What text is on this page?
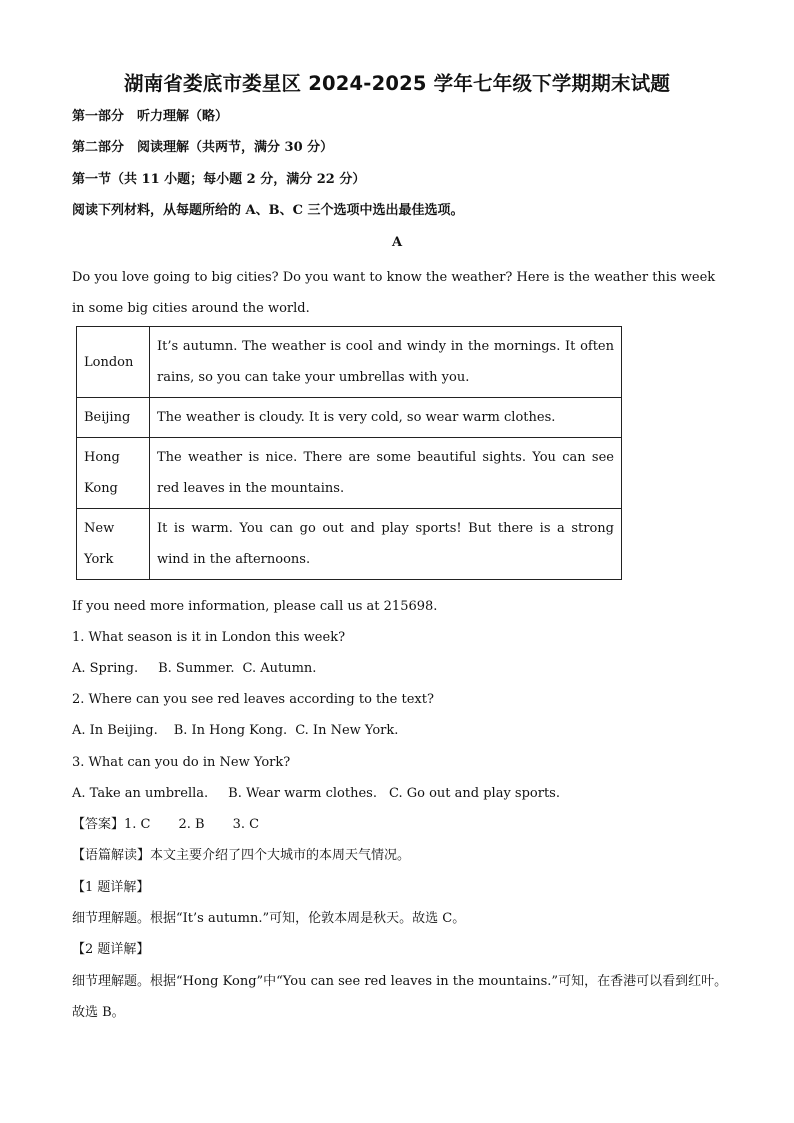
湖南省娄底市娄星区 2024-2025 学年七年级下学期期末试题
第一部分　听力理解（略）
第二部分　阅读理解（共两节，满分 30 分）
第一节（共 11 小题；每小题 2 分，满分 22 分）
阅读下列材料，从每题所给的 A、B、C 三个选项中选出最佳选项。
A
Do you love going to big cities? Do you want to know the weather? Here is the weather this week in some big cities around the world.
London	It’s autumn. The weather is cool and windy in the mornings. It often rains, so you can take your umbrellas with you.
Beijing	The weather is cloudy. It is very cold, so wear warm clothes.
Hong Kong	The weather is nice. There are some beautiful sights. You can see red leaves in the mountains.
New York	It is warm. You can go out and play sports! But there is a strong wind in the afternoons.
If you need more information, please call us at 215698.
1. What season is it in London this week?
A. Spring. B. Summer. C. Autumn.
2. Where can you see red leaves according to the text?
A. In Beijing. B. In Hong Kong. C. In New York.
3. What can you do in New York?
A. Take an umbrella. B. Wear warm clothes. C. Go out and play sports.
【答案】1. C 2. B 3. C
【语篇解读】本文主要介绍了四个大城市的本周天气情况。
【1 题详解】
细节理解题。根据“It’s autumn.”可知，伦敦本周是秋天。故选 C。
【2 题详解】
细节理解题。根据“Hong Kong”中“You can see red leaves in the mountains.”可知，在香港可以看到红叶。故选 B。
